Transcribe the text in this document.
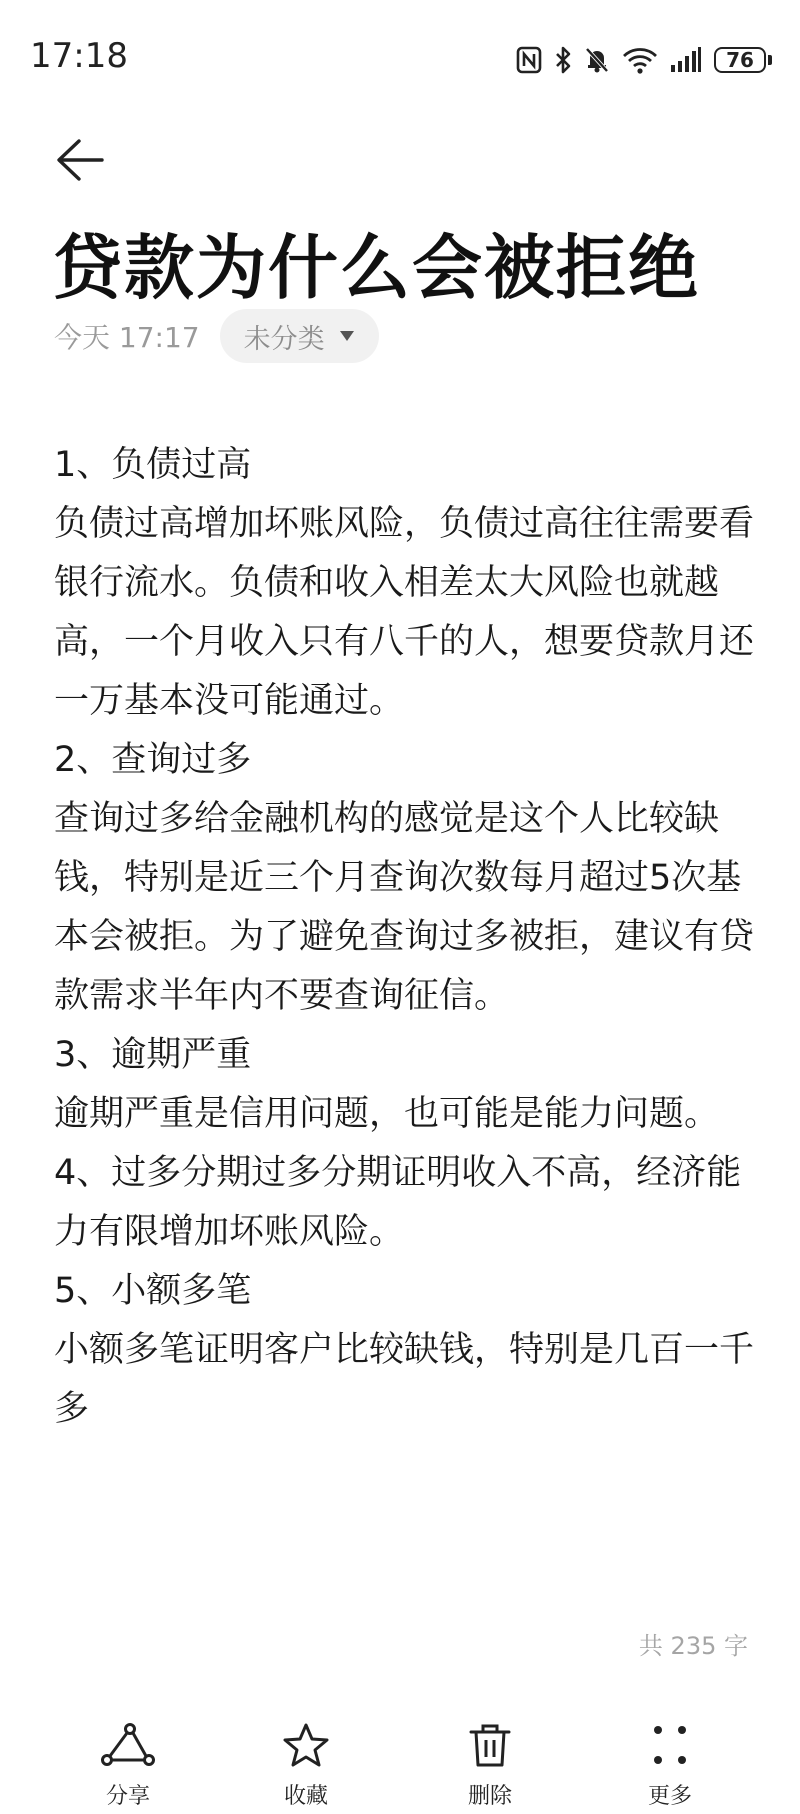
17:18	76
贷款为什么会被拒绝
今天 17:17 未分类

1、负债过高

负债过高增加坏账风险，负债过高往往需要看银行流水。负债和收入相差太大风险也就越高，一个月收入只有八千的人，想要贷款月还一万基本没可能通过。

2、查询过多

查询过多给金融机构的感觉是这个人比较缺钱，特别是近三个月查询次数每月超过5次基本会被拒。为了避免查询过多被拒，建议有贷款需求半年内不要查询征信。

3、逾期严重

逾期严重是信用问题，也可能是能力问题。

4、过多分期过多分期证明收入不高，经济能力有限增加坏账风险。

5、小额多笔

小额多笔证明客户比较缺钱，特别是几百一千多

共 235 字
分享	收藏	删除	更多
